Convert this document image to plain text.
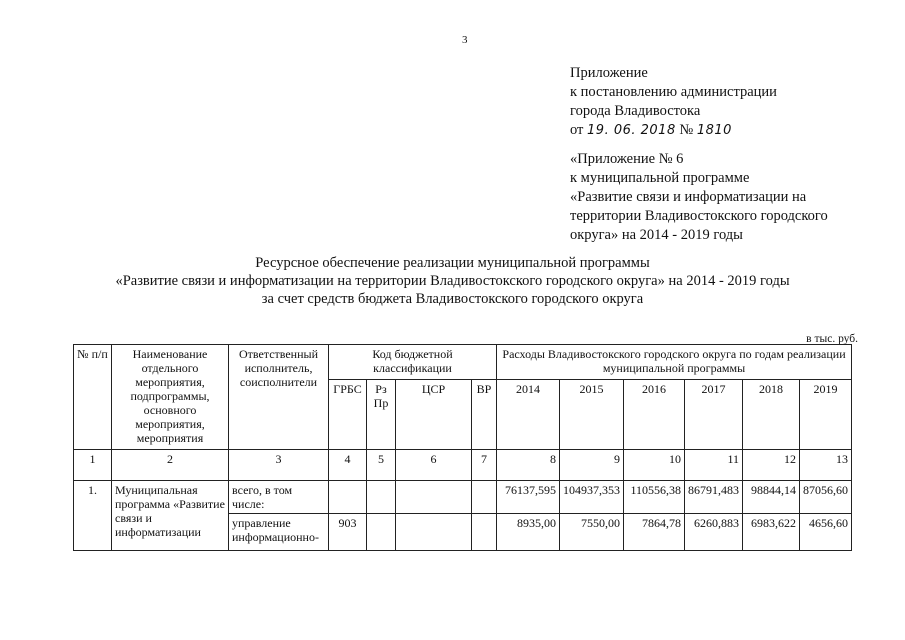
3
Приложение
к постановлению администрации
города Владивостока
от 19. 06. 2018 № 1810
«Приложение № 6
к муниципальной программе
«Развитие связи и информатизации на
территории Владивостокского городского
округа» на 2014 - 2019 годы
Ресурсное обеспечение реализации муниципальной программы
«Развитие связи и информатизации на территории Владивостокского городского округа» на 2014 - 2019 годы
за счет средств бюджета Владивостокского городского округа
в тыс. руб.
№ п/п	Наименование отдельного мероприятия, подпрограммы, основного мероприятия, мероприятия	Ответственный исполнитель, соисполнители	Код бюджетной классификации				Расходы Владивостокского городского округа по годам реализации муниципальной программы					
			ГРБС	Рз Пр	ЦСР	ВР	2014	2015	2016	2017	2018	2019
1	2	3	4	5	6	7	8	9	10	11	12	13
1.	Муниципальная программа «Развитие связи и информатизации	всего, в том числе:					76137,595	104937,353	110556,38	86791,483	98844,14	87056,60
		управление информационно-	903				8935,00	7550,00	7864,78	6260,883	6983,622	4656,60
